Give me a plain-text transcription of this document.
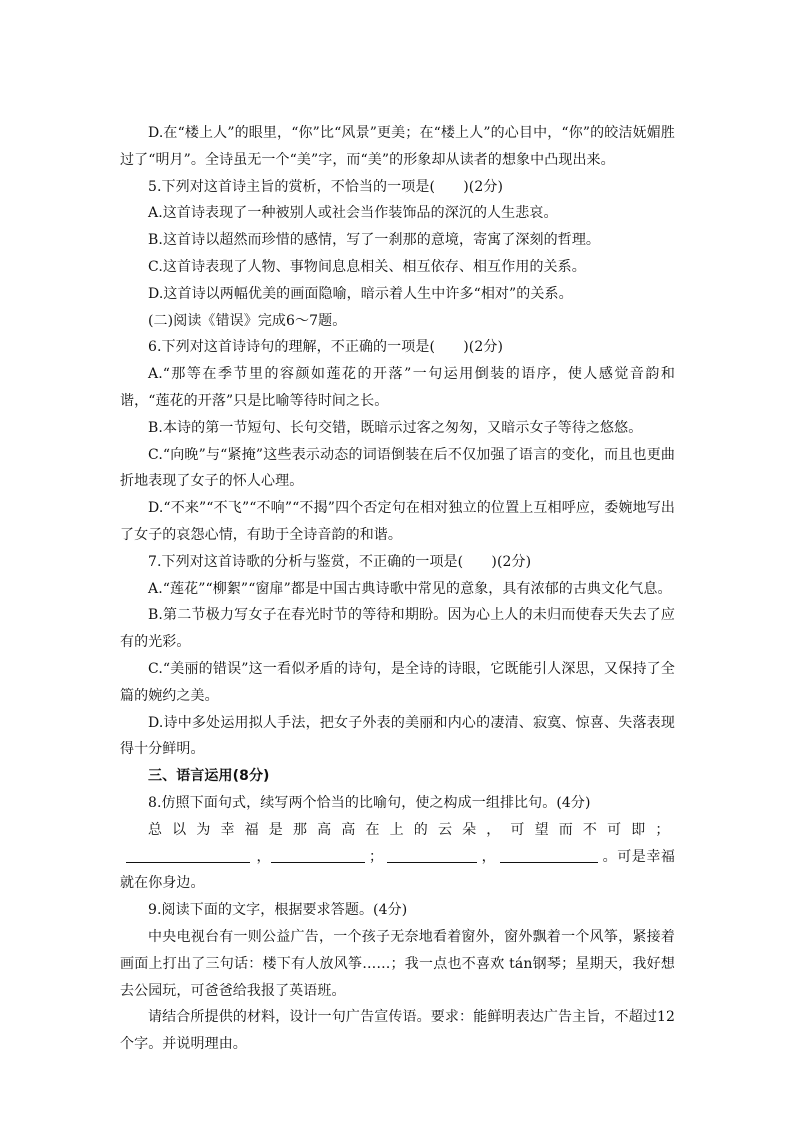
D.在“楼上人”的眼里，“你”比“风景”更美；在“楼上人”的心目中，“你”的皎洁妩媚胜过了“明月”。全诗虽无一个“美”字，而“美”的形象却从读者的想象中凸现出来。

5.下列对这首诗主旨的赏析，不恰当的一项是(　　)(2分)

A.这首诗表现了一种被别人或社会当作装饰品的深沉的人生悲哀。

B.这首诗以超然而珍惜的感情，写了一刹那的意境，寄寓了深刻的哲理。

C.这首诗表现了人物、事物间息息相关、相互依存、相互作用的关系。

D.这首诗以两幅优美的画面隐喻，暗示着人生中许多“相对”的关系。

(二)阅读《错误》完成6～7题。

6.下列对这首诗诗句的理解，不正确的一项是(　　)(2分)

A.“那等在季节里的容颜如莲花的开落”一句运用倒装的语序，使人感觉音韵和谐，“莲花的开落”只是比喻等待时间之长。

B.本诗的第一节短句、长句交错，既暗示过客之匆匆，又暗示女子等待之悠悠。

C.“向晚”与“紧掩”这些表示动态的词语倒装在后不仅加强了语言的变化，而且也更曲折地表现了女子的怀人心理。

D.“不来”“不飞”“不响”“不揭”四个否定句在相对独立的位置上互相呼应，委婉地写出了女子的哀怨心情，有助于全诗音韵的和谐。

7.下列对这首诗歌的分析与鉴赏，不正确的一项是(　　)(2分)

A.“莲花”“柳絮”“窗扉”都是中国古典诗歌中常见的意象，具有浓郁的古典文化气息。

B.第二节极力写女子在春光时节的等待和期盼。因为心上人的未归而使春天失去了应有的光彩。

C.“美丽的错误”这一看似矛盾的诗句，是全诗的诗眼，它既能引人深思，又保持了全篇的婉约之美。

D.诗中多处运用拟人手法，把女子外表的美丽和内心的凄清、寂寞、惊喜、失落表现得十分鲜明。

三、语言运用(8分)

8.仿照下面句式，续写两个恰当的比喻句，使之构成一组排比句。(4分)

总以为幸福是那高高在上的云朵，可望而不可即；，	；	，	。可是幸福就在你身边。

9.阅读下面的文字，根据要求答题。(4分)

中央电视台有一则公益广告，一个孩子无奈地看着窗外，窗外飘着一个风筝，紧接着画面上打出了三句话：楼下有人放风筝……；我一点也不喜欢 tán钢琴；星期天，我好想去公园玩，可爸爸给我报了英语班。

请结合所提供的材料，设计一句广告宣传语。要求：能鲜明表达广告主旨，不超过12个字。并说明理由。
